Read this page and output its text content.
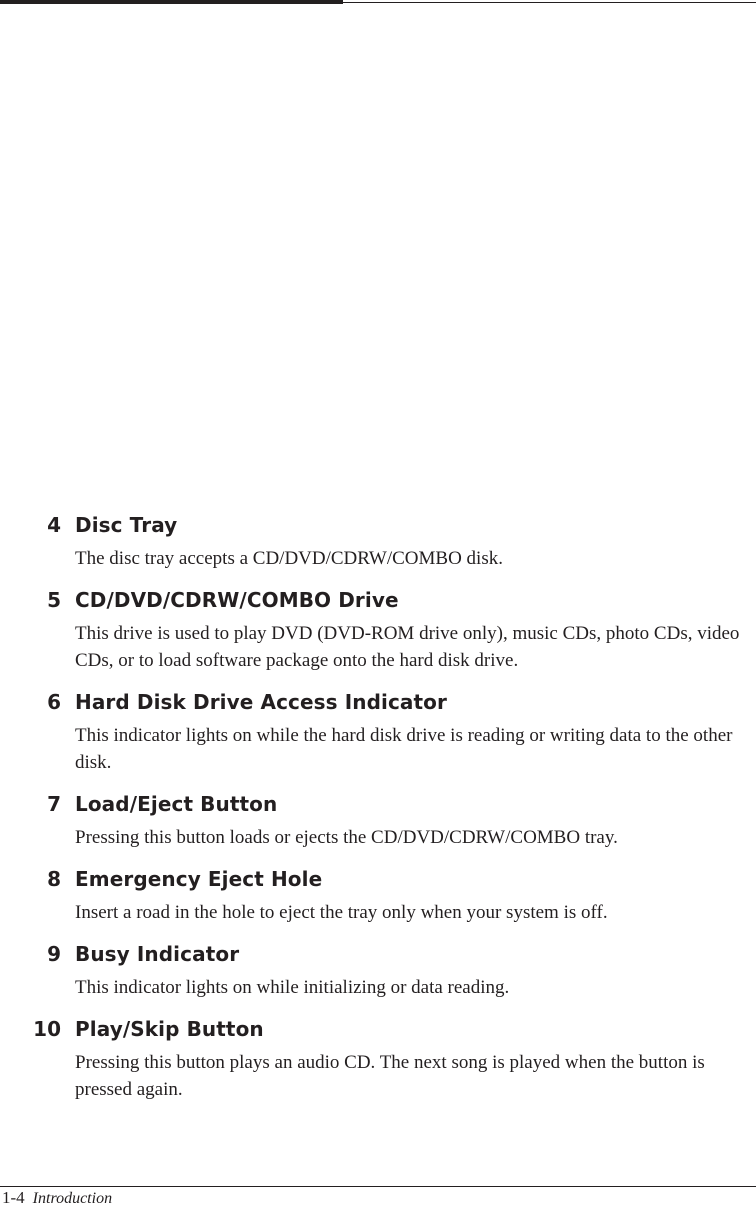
4 Disc Tray
The disc tray accepts a CD/DVD/CDRW/COMBO disk.
5 CD/DVD/CDRW/COMBO Drive
This drive is used to play DVD (DVD-ROM drive only), music CDs, photo CDs, video CDs, or to load software package onto the hard disk drive.
6 Hard Disk Drive Access Indicator
This indicator lights on while the hard disk drive is reading or writing data to the other disk.
7 Load/Eject Button
Pressing this button loads or ejects the CD/DVD/CDRW/COMBO tray.
8 Emergency Eject Hole
Insert a road in the hole to eject the tray only when your system is off.
9 Busy Indicator
This indicator lights on while initializing or data reading.
10 Play/Skip Button
Pressing this button plays an audio CD. The next song is played when the button is pressed again.
1-4 Introduction
